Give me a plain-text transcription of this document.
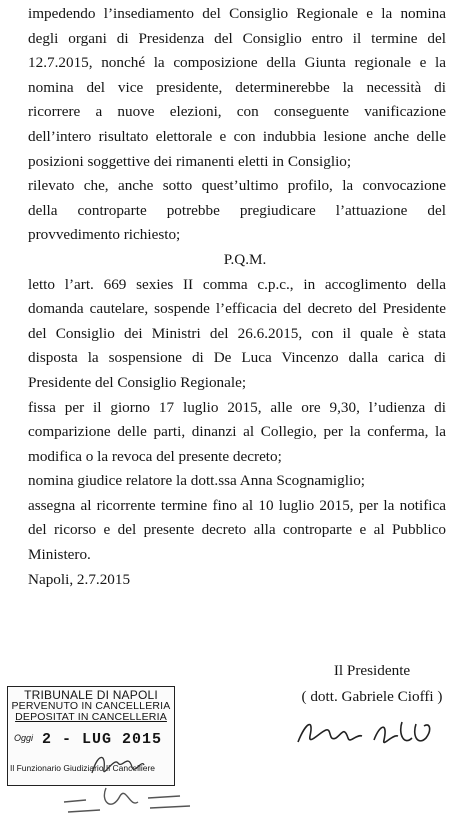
impedendo l’insediamento del Consiglio Regionale e la nomina

degli organi di Presidenza del Consiglio entro il termine del

12.7.2015, nonché la composizione della Giunta regionale e la

nomina del vice presidente, determinerebbe la necessità di

ricorrere a nuove elezioni, con conseguente vanificazione

dell’intero risultato elettorale e con indubbia lesione anche delle

posizioni soggettive dei rimanenti eletti in Consiglio;

rilevato che, anche sotto quest’ultimo profilo, la convocazione

della controparte potrebbe pregiudicare l’attuazione del

provvedimento richiesto;

P.Q.M.

letto l’art. 669 sexies II comma c.p.c., in accoglimento della

domanda cautelare, sospende l’efficacia del decreto del Presidente

del Consiglio dei Ministri del 26.6.2015, con il quale è stata

disposta la sospensione di De Luca Vincenzo dalla carica di

Presidente del Consiglio Regionale;

fissa per il giorno 17 luglio 2015, alle ore 9,30, l’udienza di

comparizione delle parti, dinanzi al Collegio, per la conferma, la

modifica o la revoca del presente decreto;

nomina giudice relatore la dott.ssa Anna Scognamiglio;

assegna al ricorrente termine fino al 10 luglio 2015, per la notifica

del ricorso e del presente decreto alla controparte e al Pubblico

Ministero.

Napoli, 2.7.2015

Il Presidente
( dott. Gabriele Cioffi )
TRIBUNALE DI NAPOLI
PERVENUTO IN CANCELLERIA
DEPOSITAT IN CANCELLERIA
Oggi 2 - LUG 2015
Il Funzionario Giudiziario Il Cancelliere
